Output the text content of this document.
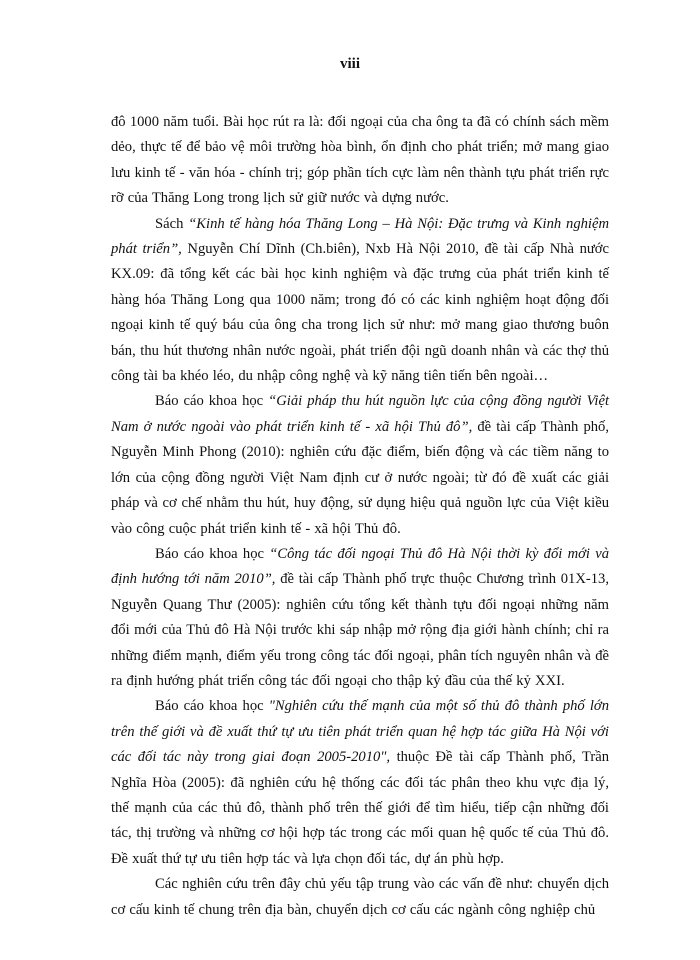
viii

đô 1000 năm tuổi. Bài học rút ra là: đối ngoại của cha ông ta đã có chính sách mềm dẻo, thực tế để bảo vệ môi trường hòa bình, ổn định cho phát triển; mở mang giao lưu kinh tế - văn hóa - chính trị; góp phần tích cực làm nên thành tựu phát triển rực rỡ của Thăng Long trong lịch sử giữ nước và dựng nước.

Sách “Kinh tế hàng hóa Thăng Long – Hà Nội: Đặc trưng và Kinh nghiệm phát triển”, Nguyễn Chí Dĩnh (Ch.biên), Nxb Hà Nội 2010, đề tài cấp Nhà nước KX.09: đã tổng kết các bài học kinh nghiệm và đặc trưng của phát triển kinh tế hàng hóa Thăng Long qua 1000 năm; trong đó có các kinh nghiệm hoạt động đối ngoại kinh tế quý báu của ông cha trong lịch sử như: mở mang giao thương buôn bán, thu hút thương nhân nước ngoài, phát triển đội ngũ doanh nhân và các thợ thủ công tài ba khéo léo, du nhập công nghệ và kỹ năng tiên tiến bên ngoài…

Báo cáo khoa học “Giải pháp thu hút nguồn lực của cộng đồng người Việt Nam ở nước ngoài vào phát triển kinh tế - xã hội Thủ đô”, đề tài cấp Thành phố, Nguyễn Minh Phong (2010): nghiên cứu đặc điểm, biến động và các tiềm năng to lớn của cộng đồng người Việt Nam định cư ở nước ngoài; từ đó đề xuất các giải pháp và cơ chế nhằm thu hút, huy động, sử dụng hiệu quả nguồn lực của Việt kiều vào công cuộc phát triển kinh tế - xã hội Thủ đô.

Báo cáo khoa học “Công tác đối ngoại Thủ đô Hà Nội thời kỳ đổi mới và định hướng tới năm 2010”, đề tài cấp Thành phố trực thuộc Chương trình 01X-13, Nguyễn Quang Thư (2005): nghiên cứu tổng kết thành tựu đối ngoại những năm đổi mới của Thủ đô Hà Nội trước khi sáp nhập mở rộng địa giới hành chính; chỉ ra những điểm mạnh, điểm yếu trong công tác đối ngoại, phân tích nguyên nhân và đề ra định hướng phát triển công tác đối ngoại cho thập kỷ đầu của thế kỷ XXI.

Báo cáo khoa học "Nghiên cứu thế mạnh của một số thủ đô thành phố lớn trên thế giới và đề xuất thứ tự ưu tiên phát triển quan hệ hợp tác giữa Hà Nội với các đối tác này trong giai đoạn 2005-2010", thuộc Đề tài cấp Thành phố, Trần Nghĩa Hòa (2005): đã nghiên cứu hệ thống các đối tác phân theo khu vực địa lý, thế mạnh của các thủ đô, thành phố trên thế giới để tìm hiểu, tiếp cận những đối tác, thị trường và những cơ hội hợp tác trong các mối quan hệ quốc tế của Thủ đô. Đề xuất thứ tự ưu tiên hợp tác và lựa chọn đối tác, dự án phù hợp.

Các nghiên cứu trên đây chủ yếu tập trung vào các vấn đề như: chuyển dịch cơ cấu kinh tế chung trên địa bàn, chuyển dịch cơ cấu các ngành công nghiệp chủ
